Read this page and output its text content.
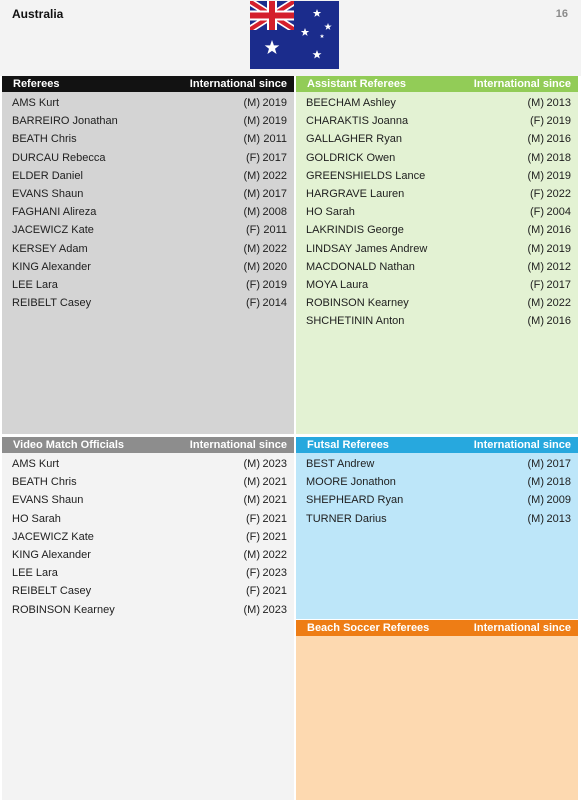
Australia	16
Referees	International since
AMS Kurt	(M) 2019
BARREIRO Jonathan	(M) 2019
BEATH Chris	(M) 2011
DURCAU Rebecca	(F) 2017
ELDER Daniel	(M) 2022
EVANS Shaun	(M) 2017
FAGHANI Alireza	(M) 2008
JACEWICZ Kate	(F) 2011
KERSEY Adam	(M) 2022
KING Alexander	(M) 2020
LEE Lara	(F) 2019
REIBELT Casey	(F) 2014
Assistant Referees	International since
BEECHAM Ashley	(M) 2013
CHARAKTIS Joanna	(F) 2019
GALLAGHER Ryan	(M) 2016
GOLDRICK Owen	(M) 2018
GREENSHIELDS Lance	(M) 2019
HARGRAVE Lauren	(F) 2022
HO Sarah	(F) 2004
LAKRINDIS George	(M) 2016
LINDSAY James Andrew	(M) 2019
MACDONALD Nathan	(M) 2012
MOYA Laura	(F) 2017
ROBINSON Kearney	(M) 2022
SHCHETININ Anton	(M) 2016
Video Match Officials	International since
AMS Kurt	(M) 2023
BEATH Chris	(M) 2021
EVANS Shaun	(M) 2021
HO Sarah	(F) 2021
JACEWICZ Kate	(F) 2021
KING Alexander	(M) 2022
LEE Lara	(F) 2023
REIBELT Casey	(F) 2021
ROBINSON Kearney	(M) 2023
Futsal Referees	International since
BEST Andrew	(M) 2017
MOORE Jonathon	(M) 2018
SHEPHEARD Ryan	(M) 2009
TURNER Darius	(M) 2013
Beach Soccer Referees	International since
